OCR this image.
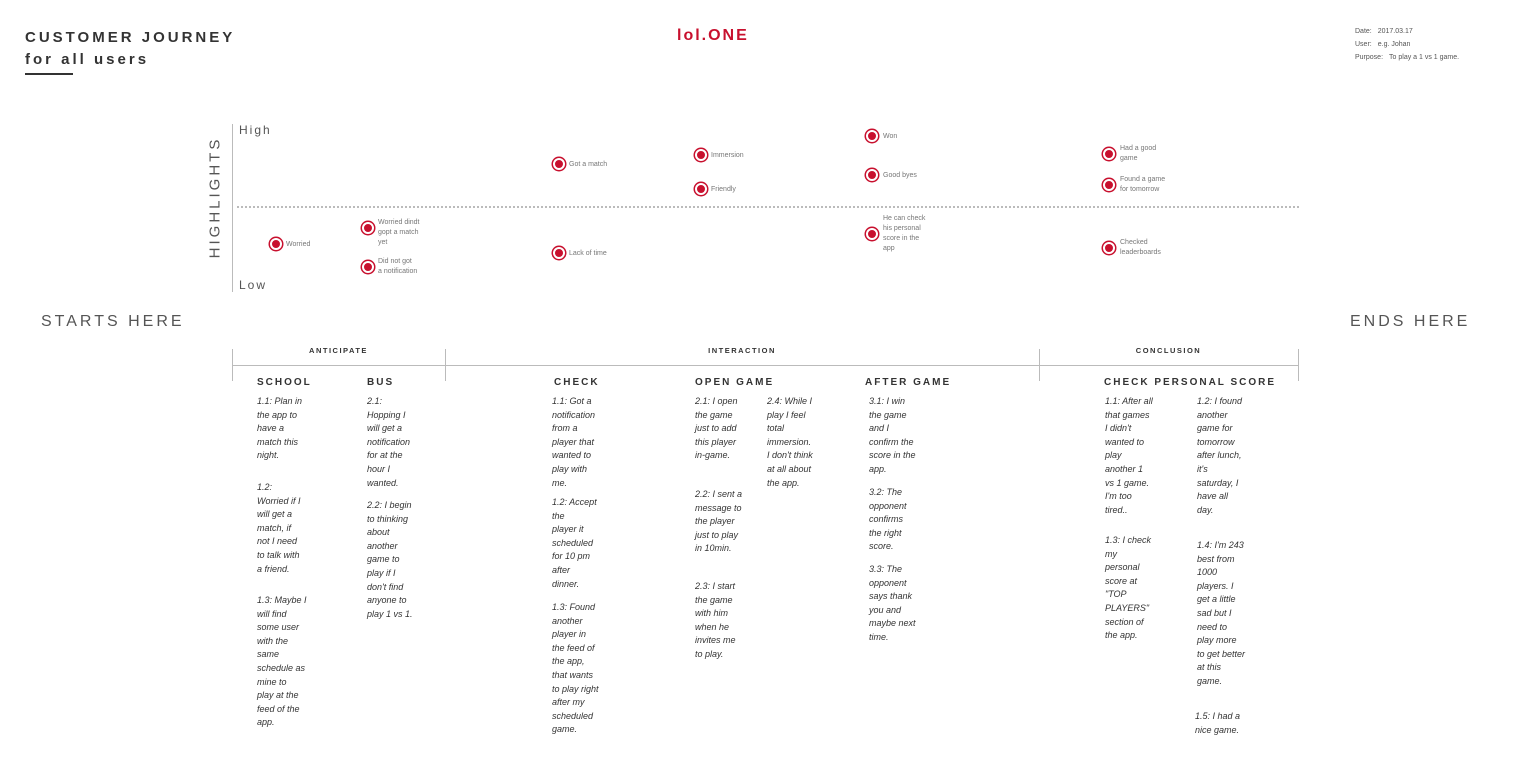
CUSTOMER JOURNEY
for all users
lol.ONE	Date: 2017.03.17
User: e.g. Johan
Purpose: To play a 1 vs 1 game.
HIGHLIGHTS
High
Low
Worried
Worried dindt
gopt a match
yet
Did not got
a notification
Got a match
Lack of time
Immersion
Friendly
Won
Good byes
He can check
his personal
score in the
app
Had a good
game
Found a game
for tomorrow
Checked
leaderboards
STARTS HERE	ENDS HERE
ANTICIPATE	INTERACTION	CONCLUSION
SCHOOL	BUS	CHECK	OPEN GAME	AFTER GAME	CHECK PERSONAL SCORE
1.1: Plan in
the app to
have a
match this
night.
1.2:
Worried if I
will get a
match, if
not I need
to talk with
a friend.
1.3: Maybe I
will find
some user
with the
same
schedule as
mine to
play at the
feed of the
app.
2.1:
Hopping I
will get a
notification
for at the
hour I
wanted.
2.2: I begin
to thinking
about
another
game to
play if I
don't find
anyone to
play 1 vs 1.
1.1: Got a
notification
from a
player that
wanted to
play with
me.
1.2: Accept
the
player it
scheduled
for 10 pm
after
dinner.
1.3: Found
another
player in
the feed of
the app,
that wants
to play right
after my
scheduled
game.
2.1: I open
the game
just to add
this player
in-game.
2.2: I sent a
message to
the player
just to play
in 10min.
2.3: I start
the game
with him
when he
invites me
to play.
2.4: While I
play I feel
total
immersion.
I don't think
at all about
the app.
3.1: I win
the game
and I
confirm the
score in the
app.
3.2: The
opponent
confirms
the right
score.
3.3: The
opponent
says thank
you and
maybe next
time.
1.1: After all
that games
I didn't
wanted to
play
another 1
vs 1 game.
I'm too
tired..
1.3: I check
my
personal
score at
"TOP
PLAYERS"
section of
the app.
1.2: I found
another
game for
tomorrow
after lunch,
it's
saturday, I
have all
day.
1.4: I'm 243
best from
1000
players. I
get a little
sad but I
need to
play more
to get better
at this
game.
1.5: I had a
nice game.
